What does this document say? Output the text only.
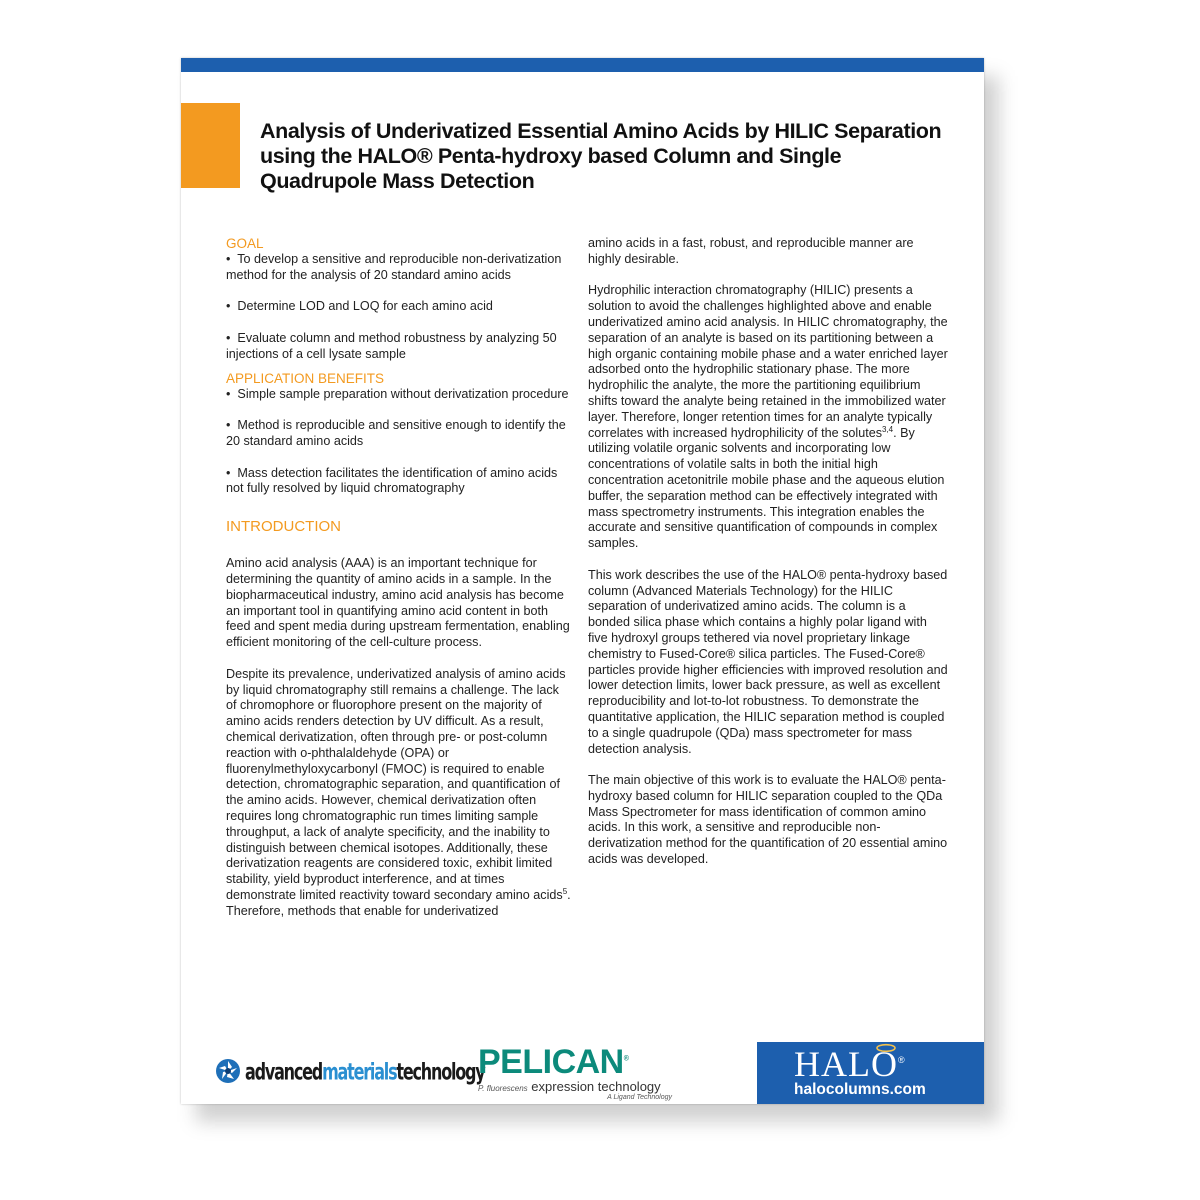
Analysis of Underivatized Essential Amino Acids by HILIC Separation using the HALO® Penta-hydroxy based Column and Single Quadrupole Mass Detection
GOAL

•  To develop a sensitive and reproducible non-derivatization method for the analysis of 20 standard amino acids

•  Determine LOD and LOQ for each amino acid

•  Evaluate column and method robustness by analyzing 50 injections of a cell lysate sample

APPLICATION BENEFITS

•  Simple sample preparation without derivatization procedure

•  Method is reproducible and sensitive enough to identify the 20 standard amino acids

•  Mass detection facilitates the identification of amino acids not fully resolved by liquid chromatography

INTRODUCTION

Amino acid analysis (AAA) is an important technique for determining the quantity of amino acids in a sample. In the biopharmaceutical industry, amino acid analysis has become an important tool in quantifying amino acid content in both feed and spent media during upstream fermentation, enabling efficient monitoring of the cell-culture process.

Despite its prevalence, underivatized analysis of amino acids by liquid chromatography still remains a challenge. The lack of chromophore or fluorophore present on the majority of amino acids renders detection by UV difficult. As a result, chemical derivatization, often through pre- or post-column reaction with o-phthalaldehyde (OPA) or fluorenylmethyloxycarbonyl (FMOC) is required to enable detection, chromatographic separation, and quantification of the amino acids. However, chemical derivatization often requires long chromatographic run times limiting sample throughput, a lack of analyte specificity, and the inability to distinguish between chemical isotopes. Additionally, these derivatization reagents are considered toxic, exhibit limited stability, yield byproduct interference, and at times demonstrate limited reactivity toward secondary amino acids$^5$. Therefore, methods that enable for underivatized

amino acids in a fast, robust, and reproducible manner are highly desirable.

Hydrophilic interaction chromatography (HILIC) presents a solution to avoid the challenges highlighted above and enable underivatized amino acid analysis. In HILIC chromatography, the separation of an analyte is based on its partitioning between a high organic containing mobile phase and a water enriched layer adsorbed onto the hydrophilic stationary phase. The more hydrophilic the analyte, the more the partitioning equilibrium shifts toward the analyte being retained in the immobilized water layer. Therefore, longer retention times for an analyte typically correlates with increased hydrophilicity of the solutes$^{3,4}$. By utilizing volatile organic solvents and incorporating low concentrations of volatile salts in both the initial high concentration acetonitrile mobile phase and the aqueous elution buffer, the separation method can be effectively integrated with mass spectrometry instruments. This integration enables the accurate and sensitive quantification of compounds in complex samples.

This work describes the use of the HALO® penta-hydroxy based column (Advanced Materials Technology) for the HILIC separation of underivatized amino acids. The column is a bonded silica phase which contains a highly polar ligand with five hydroxyl groups tethered via novel proprietary linkage chemistry to Fused-Core® silica particles. The Fused-Core® particles provide higher efficiencies with improved resolution and lower detection limits, lower back pressure, as well as excellent reproducibility and lot-to-lot robustness. To demonstrate the quantitative application, the HILIC separation method is coupled to a single quadrupole (QDa) mass spectrometer for mass detection analysis.

The main objective of this work is to evaluate the HALO® penta-hydroxy based column for HILIC separation coupled to the QDa Mass Spectrometer for mass identification of common amino acids. In this work, a sensitive and reproducible non-derivatization method for the quantification of 20 essential amino acids was developed.

advancedmaterialstechnology
PELICAN®
P. fluorescens expression technology
A Ligand Technology
HALO®
halocolumns.com
